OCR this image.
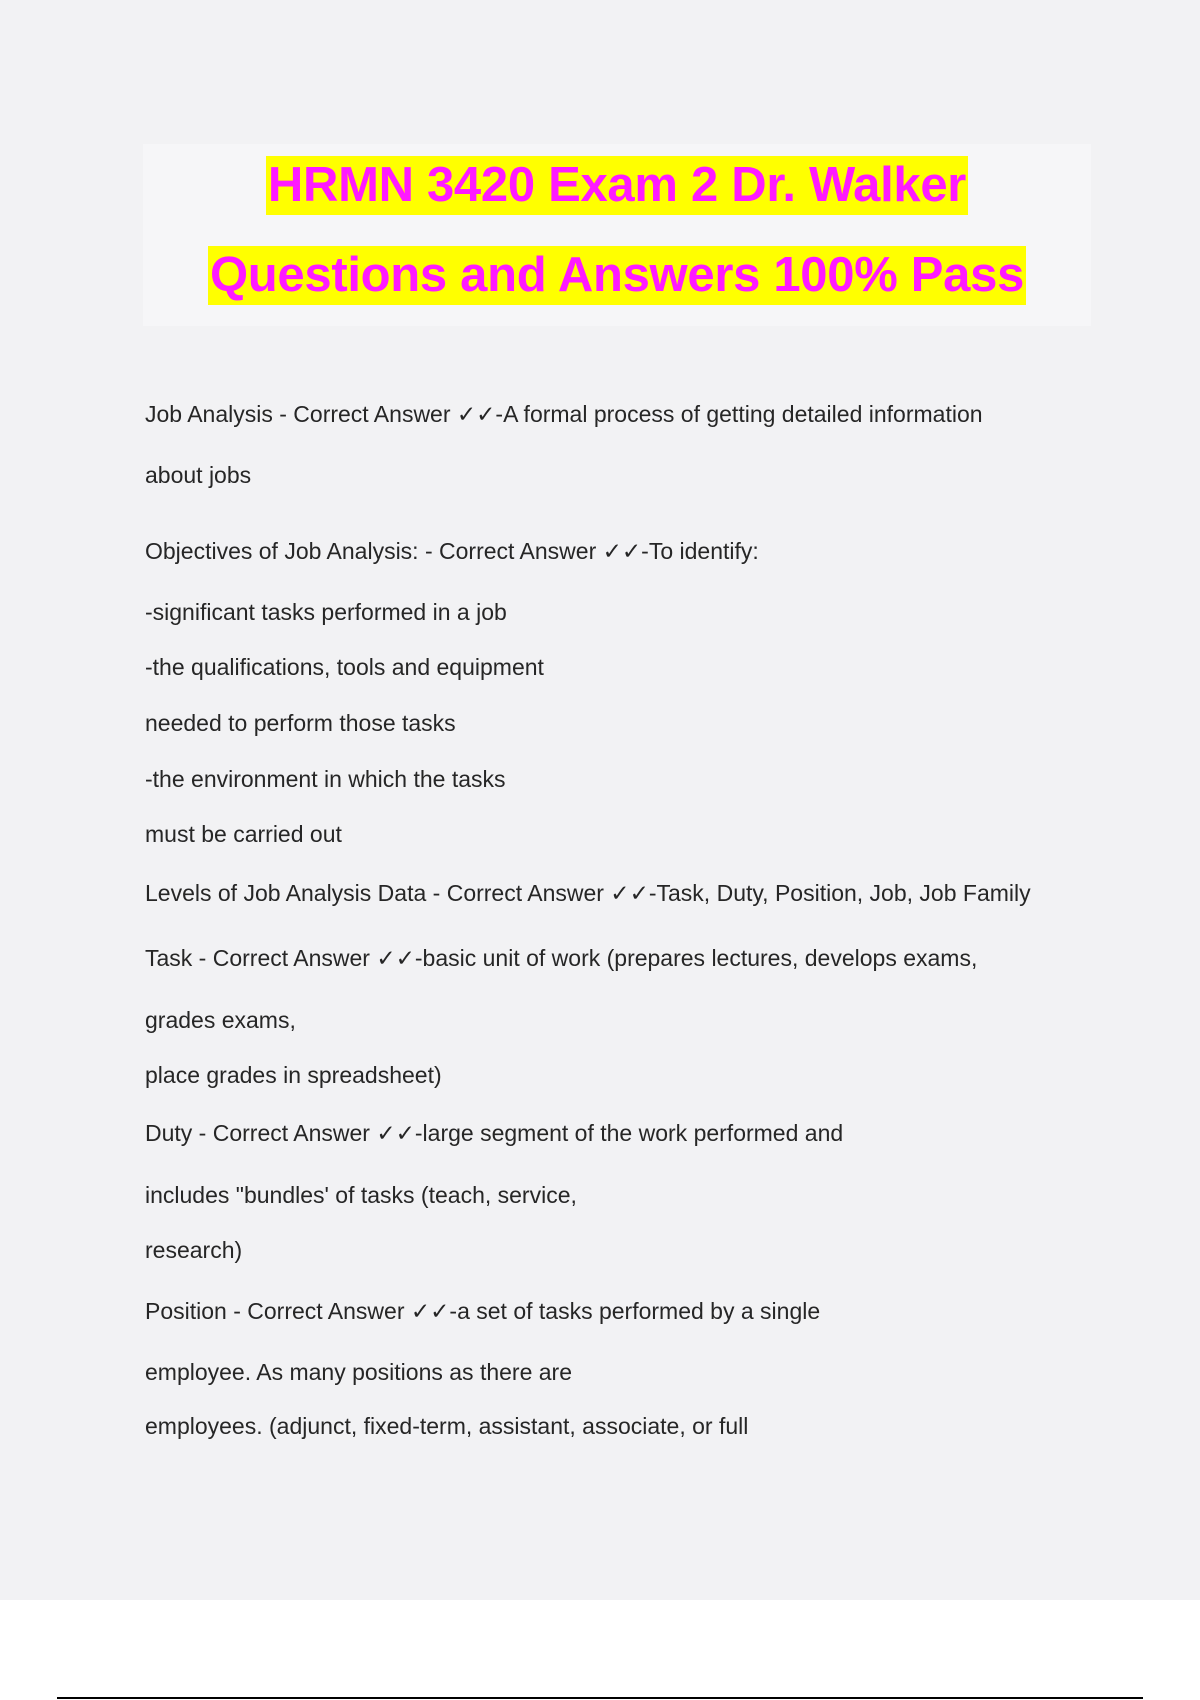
HRMN 3420 Exam 2 Dr. Walker
Questions and Answers 100% Pass
Job Analysis - Correct Answer ✓✓-A formal process of getting detailed information
about jobs
Objectives of Job Analysis: - Correct Answer ✓✓-To identify:
-significant tasks performed in a job
-the qualifications, tools and equipment
needed to perform those tasks
-the environment in which the tasks
must be carried out
Levels of Job Analysis Data - Correct Answer ✓✓-Task, Duty, Position, Job, Job Family
Task - Correct Answer ✓✓-basic unit of work (prepares lectures, develops exams,
grades exams,
place grades in spreadsheet)
Duty - Correct Answer ✓✓-large segment of the work performed and
includes "bundles' of tasks (teach, service,
research)
Position - Correct Answer ✓✓-a set of tasks performed by a single
employee. As many positions as there are
employees. (adjunct, fixed-term, assistant, associate, or full
